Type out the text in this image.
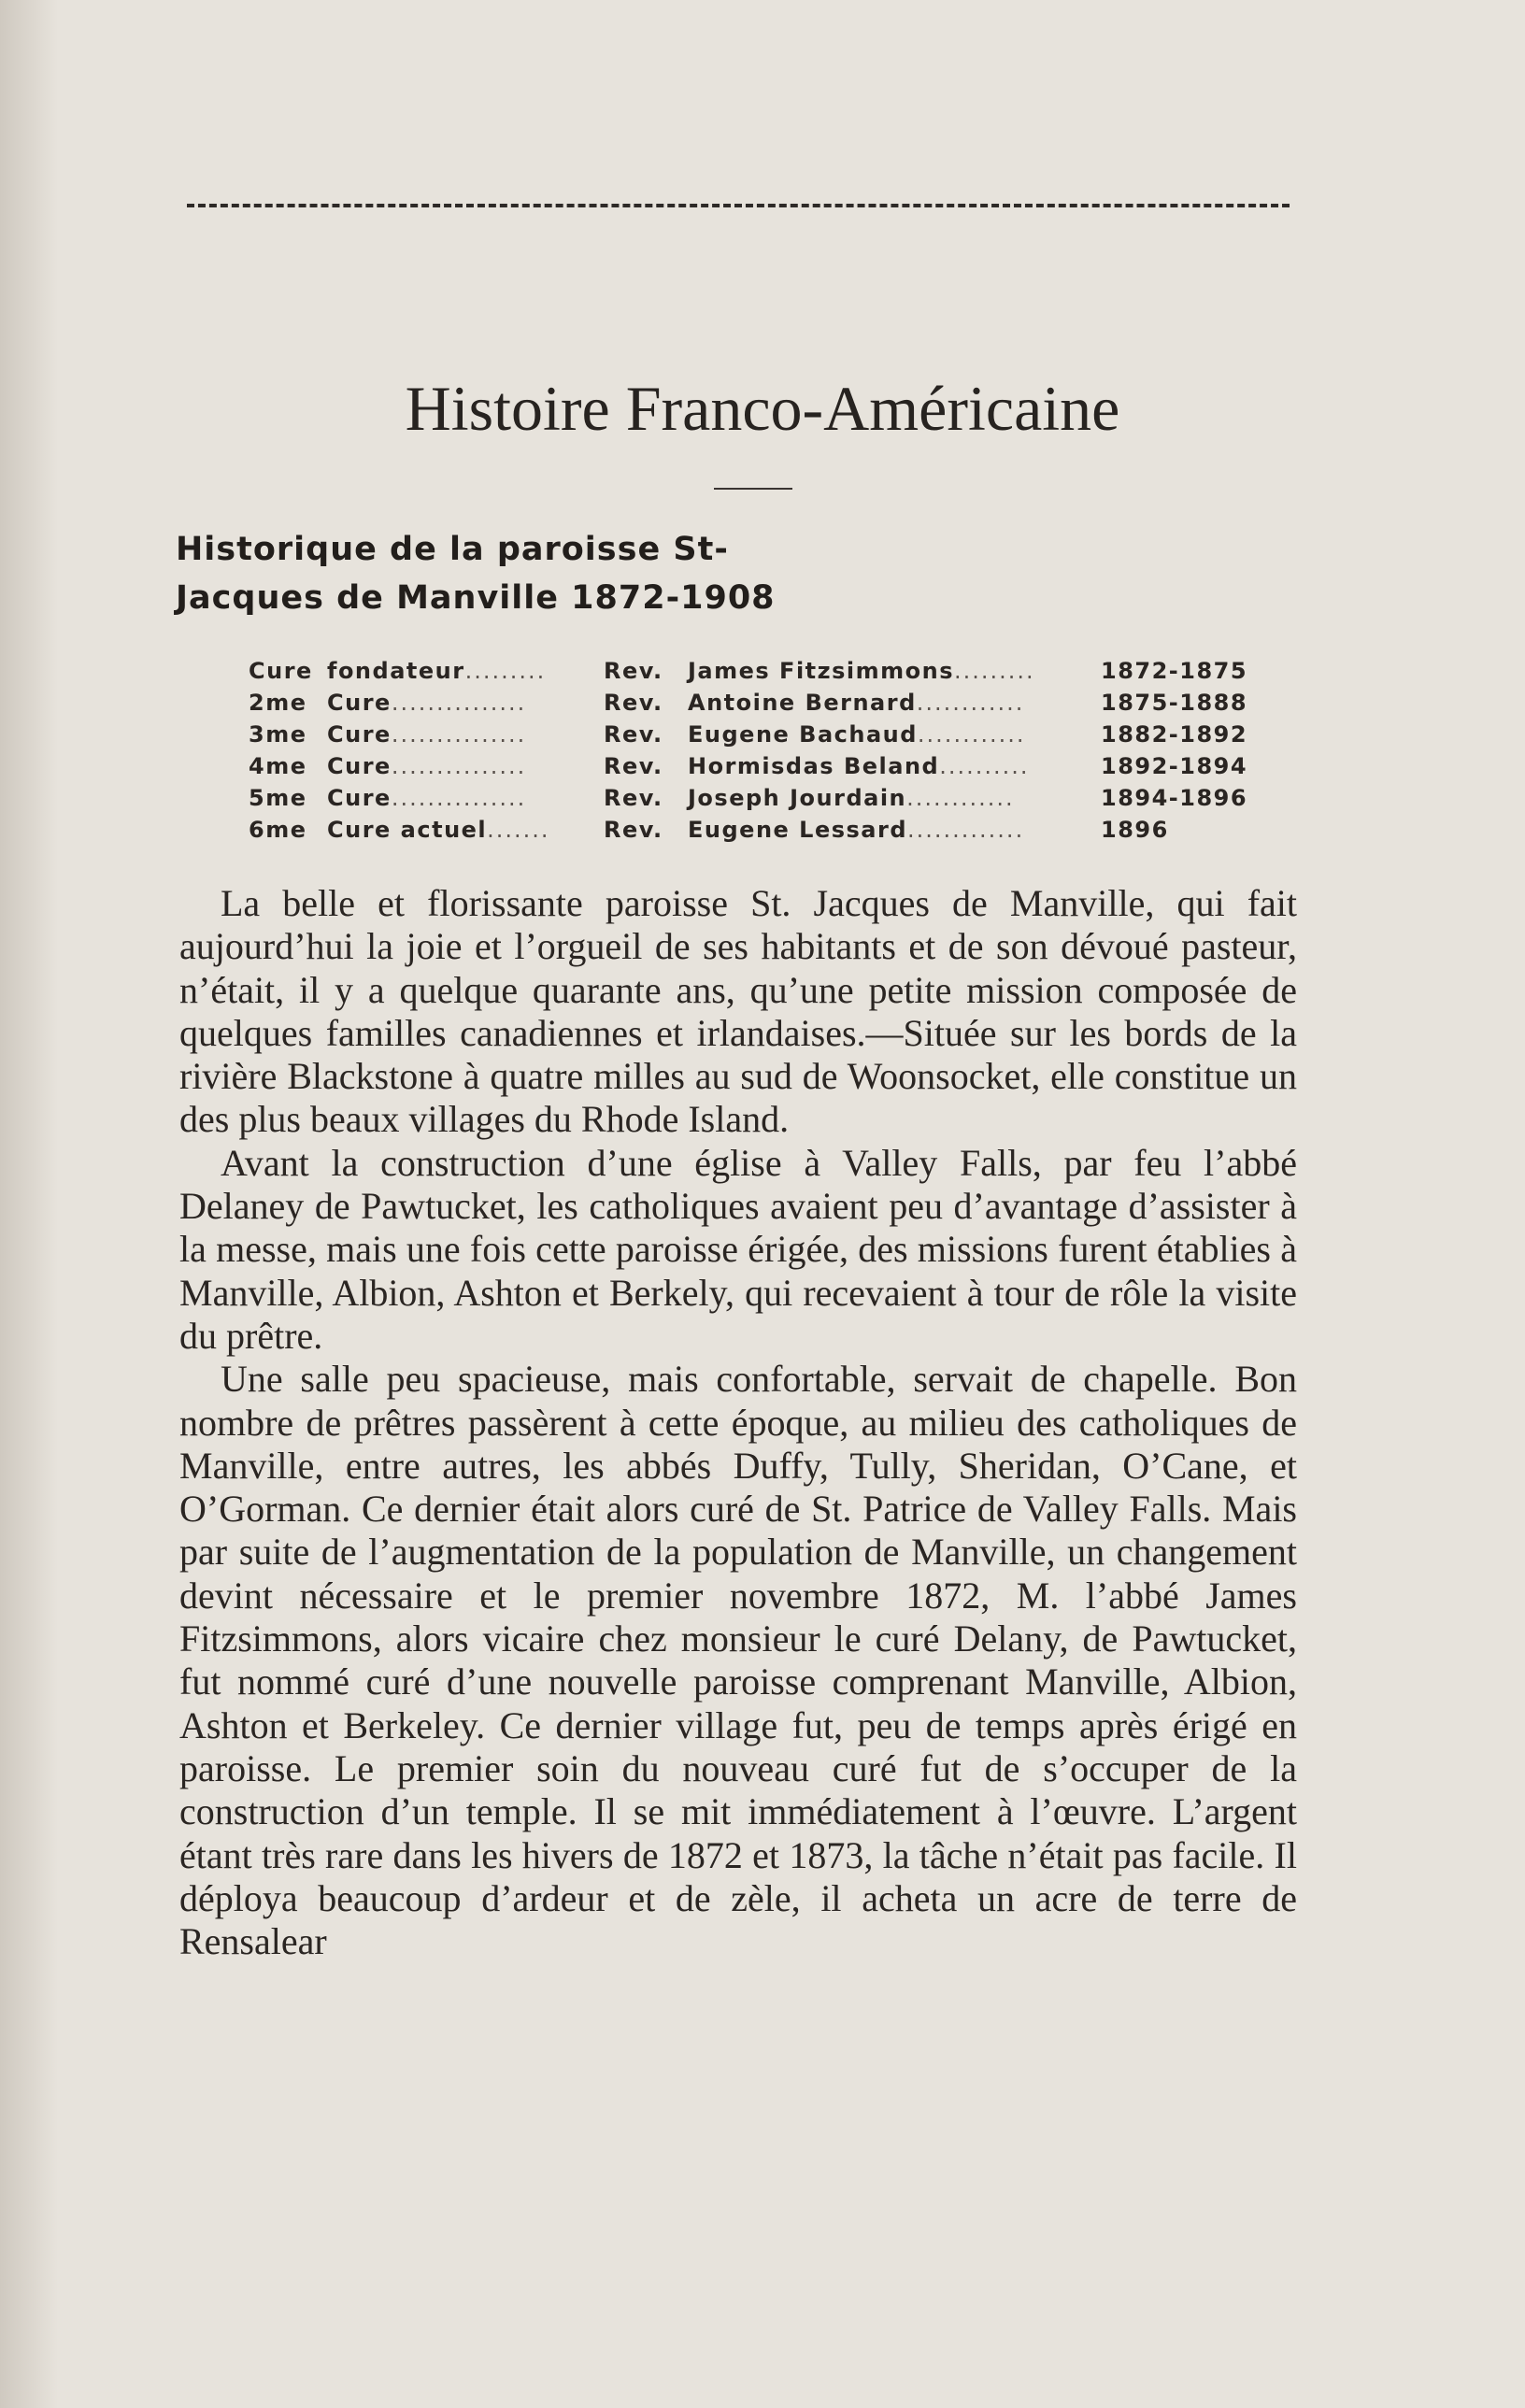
Histoire Franco-Américaine
Historique de la paroisse St-Jacques de Manville 1872-1908
Cure fondateur.........	Rev. James Fitzsimmons.........	1872-1875
2me Cure...............	Rev. Antoine Bernard............	1875-1888
3me Cure...............	Rev. Eugene Bachaud............	1882-1892
4me Cure...............	Rev. Hormisdas Beland..........	1892-1894
5me Cure...............	Rev. Joseph Jourdain............	1894-1896
6me Cure actuel....... Rev. Eugene Lessard.............	1896

La belle et florissante paroisse St. Jacques de Manville, qui fait aujourd’hui la joie et l’orgueil de ses habitants et de son dévoué pasteur, n’était, il y a quelque quarante ans, qu’une petite mission composée de quelques familles canadiennes et irlandaises.—Située sur les bords de la rivière Blackstone à quatre milles au sud de Woonsocket, elle constitue un des plus beaux villages du Rhode Island.

Avant la construction d’une église à Valley Falls, par feu l’abbé Delaney de Pawtucket, les catholiques avaient peu d’avantage d’assister à la messe, mais une fois cette paroisse érigée, des missions furent établies à Manville, Albion, Ashton et Berkely, qui recevaient à tour de rôle la visite du prêtre.

Une salle peu spacieuse, mais confortable, servait de chapelle. Bon nombre de prêtres passèrent à cette époque, au milieu des catholiques de Manville, entre autres, les abbés Duffy, Tully, Sheridan, O’Cane, et O’Gorman. Ce dernier était alors curé de St. Patrice de Valley Falls. Mais par suite de l’augmentation de la population de Manville, un changement devint nécessaire et le premier novembre 1872, M. l’abbé James Fitzsimmons, alors vicaire chez monsieur le curé Delany, de Pawtucket, fut nommé curé d’une nouvelle paroisse comprenant Manville, Albion, Ashton et Berkeley. Ce dernier village fut, peu de temps après érigé en paroisse. Le premier soin du nouveau curé fut de s’occuper de la construction d’un temple. Il se mit immédiatement à l’œuvre. L’argent étant très rare dans les hivers de 1872 et 1873, la tâche n’était pas facile. Il déploya beaucoup d’ardeur et de zèle, il acheta un acre de terre de Rensalear
